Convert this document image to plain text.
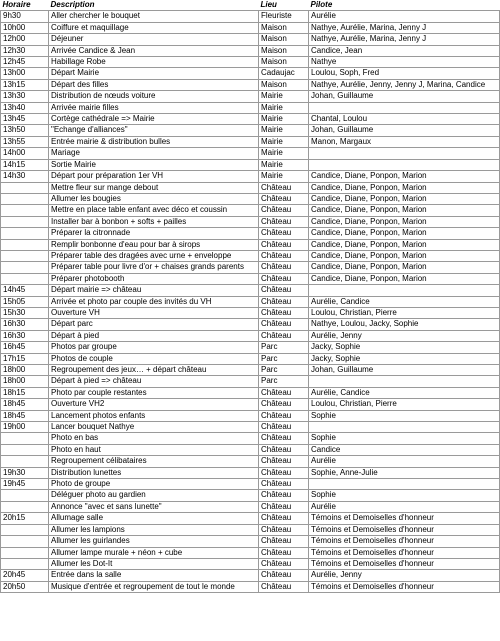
Horaire	Description	Lieu	Pilote
9h30	Aller chercher le bouquet	Fleuriste	Aurélie
10h00	Coiffure et maquillage	Maison	Nathye, Aurélie, Marina, Jenny J
12h00	Déjeuner	Maison	Nathye, Aurélie, Marina, Jenny J
12h30	Arrivée Candice & Jean	Maison	Candice, Jean
12h45	Habillage Robe	Maison	Nathye
13h00	Départ Mairie	Cadaujac	Loulou, Soph, Fred
13h15	Départ des filles	Maison	Nathye, Aurélie, Jenny, Jenny J, Marina, Candice
13h30	Distribution de nœuds voiture	Mairie	Johan, Guillaume
13h40	Arrivée mairie filles	Mairie	
13h45	Cortège cathédrale => Mairie	Mairie	Chantal, Loulou
13h50	"Echange d'alliances"	Mairie	Johan, Guillaume
13h55	Entrée mairie & distribution bulles	Mairie	Manon, Margaux
14h00	Mariage	Mairie	
14h15	Sortie Mairie	Mairie	
14h30	Départ pour préparation 1er VH	Mairie	Candice, Diane, Ponpon, Marion
	Mettre fleur sur mange debout	Château	Candice, Diane, Ponpon, Marion
	Allumer les bougies	Château	Candice, Diane, Ponpon, Marion
	Mettre en place table enfant avec déco et coussin	Château	Candice, Diane, Ponpon, Marion
	Installer bar à bonbon + softs + pailles	Château	Candice, Diane, Ponpon, Marion
	Préparer la citronnade	Château	Candice, Diane, Ponpon, Marion
	Remplir bonbonne d'eau pour bar à sirops	Château	Candice, Diane, Ponpon, Marion
	Préparer table des dragées avec urne + enveloppe	Château	Candice, Diane, Ponpon, Marion
	Préparer table pour livre d'or + chaises grands parents	Château	Candice, Diane, Ponpon, Marion
	Préparer photobooth	Château	Candice, Diane, Ponpon, Marion
14h45	Départ mairie => château	Château	
15h05	Arrivée et photo par couple des invités du VH	Château	Aurélie, Candice
15h30	Ouverture VH	Château	Loulou, Christian, Pierre
16h30	Départ parc	Château	Nathye, Loulou, Jacky, Sophie
16h30	Départ à pied	Château	Aurélie, Jenny
16h45	Photos par groupe	Parc	Jacky, Sophie
17h15	Photos de couple	Parc	Jacky, Sophie
18h00	Regroupement des jeux… + départ château	Parc	Johan, Guillaume
18h00	Départ à pied => château	Parc	
18h15	Photo par couple restantes	Château	Aurélie, Candice
18h45	Ouverture VH2	Château	Loulou, Christian, Pierre
18h45	Lancement photos enfants	Château	Sophie
19h00	Lancer bouquet Nathye	Château	
	Photo en bas	Château	Sophie
	Photo en haut	Château	Candice
	Regroupement célibataires	Château	Aurélie
19h30	Distribution lunettes	Château	Sophie, Anne-Julie
19h45	Photo de groupe	Château	
	Déléguer photo au gardien	Château	Sophie
	Annonce "avec et sans lunette"	Château	Aurélie
20h15	Allumage salle	Château	Témoins et Demoiselles d'honneur
	Allumer les lampions	Château	Témoins et Demoiselles d'honneur
	Allumer les guirlandes	Château	Témoins et Demoiselles d'honneur
	Allumer lampe murale + néon + cube	Château	Témoins et Demoiselles d'honneur
	Allumer les Dot-It	Château	Témoins et Demoiselles d'honneur
20h45	Entrée dans la salle	Château	Aurélie, Jenny
20h50	Musique d'entrée et regroupement de tout le monde	Château	Témoins et Demoiselles d'honneur
